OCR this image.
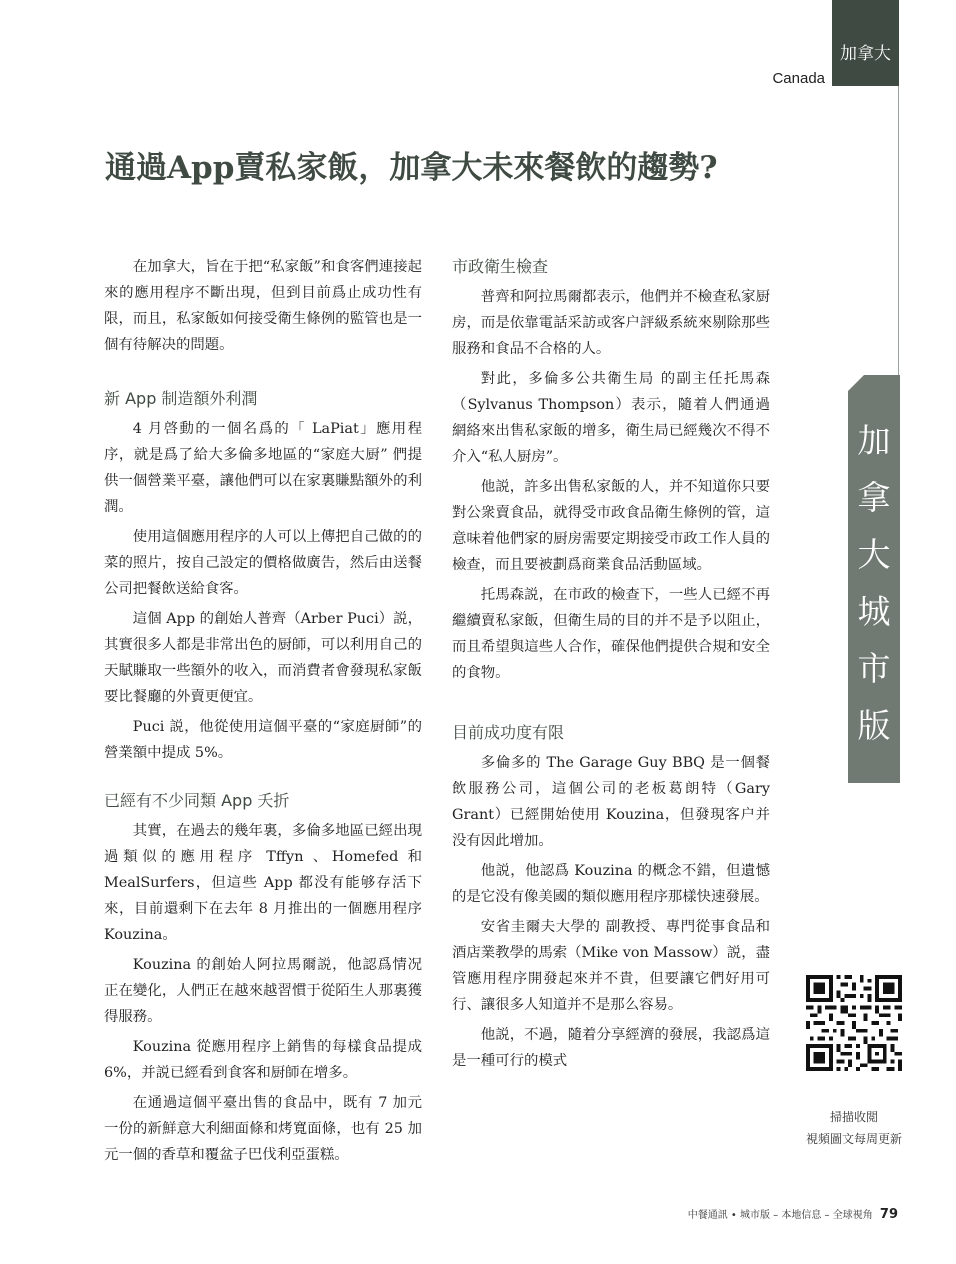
加拿大
Canada
通過App賣私家飯，加拿大未來餐飲的趨勢?

在加拿大，旨在于把“私家飯”和食客們連接起來的應用程序不斷出現，但到目前爲止成功性有限，而且，私家飯如何接受衛生條例的監管也是一個有待解决的問題。

新 App 制造額外利潤

4 月啓動的一個名爲的「 LaPiat」應用程序，就是爲了給大多倫多地區的“家庭大厨” 們提供一個營業平臺，讓他們可以在家裏賺點額外的利潤。

使用這個應用程序的人可以上傳把自己做的的菜的照片，按自己設定的價格做廣告，然后由送餐公司把餐飲送給食客。

這個 App 的創始人普齊（Arber Puci）説，其實很多人都是非常出色的厨師，可以利用自己的天賦賺取一些額外的收入，而消費者會發現私家飯要比餐廳的外賣更便宜。

Puci 説，他從使用這個平臺的“家庭厨師”的營業額中提成 5%。

已經有不少同類 App 夭折

其實，在過去的幾年裏，多倫多地區已經出現過類似的應用程序 Tffyn 、Homefed 和 MealSurfers，但這些 App 都没有能够存活下來，目前還剩下在去年 8 月推出的一個應用程序 Kouzina。

Kouzina 的創始人阿拉馬爾説，他認爲情况正在變化，人們正在越來越習慣于從陌生人那裏獲得服務。

Kouzina 從應用程序上銷售的每樣食品提成 6%，并説已經看到食客和厨師在增多。

在通過這個平臺出售的食品中，既有 7 加元一份的新鮮意大利細面條和烤寬面條，也有 25 加元一個的香草和覆盆子巴伐利亞蛋糕。

市政衛生檢查

普齊和阿拉馬爾都表示，他們并不檢查私家厨房，而是依靠電話采訪或客户評級系統來剔除那些服務和食品不合格的人。

對此，多倫多公共衛生局 的副主任托馬森（Sylvanus Thompson）表示，隨着人們通過網絡來出售私家飯的增多，衛生局已經幾次不得不介入“私人厨房”。

他説，許多出售私家飯的人，并不知道你只要對公衆賣食品，就得受市政食品衛生條例的管，這意味着他們家的厨房需要定期接受市政工作人員的檢查，而且要被劃爲商業食品活動區域。

托馬森説，在市政的檢查下，一些人已經不再繼續賣私家飯，但衛生局的目的并不是予以阻止，而且希望與這些人合作，確保他們提供合規和安全的食物。

目前成功度有限

多倫多的 The Garage Guy BBQ 是一個餐飲服務公司，這個公司的老板葛朗特（Gary Grant）已經開始使用 Kouzina，但發現客户并没有因此增加。

他説，他認爲 Kouzina 的概念不錯，但遺憾的是它没有像美國的類似應用程序那樣快速發展。

安省圭爾夫大學的 副教授、專門從事食品和酒店業教學的馬索（Mike von Massow）説，盡管應用程序開發起來并不貴，但要讓它們好用可行、讓很多人知道并不是那么容易。

他説，不過，隨着分享經濟的發展，我認爲這是一種可行的模式

加
拿
大
城
市
版
掃描收閲
視頻圖文每周更新
中餐通訊 • 城市版 – 本地信息 – 全球視角 79
